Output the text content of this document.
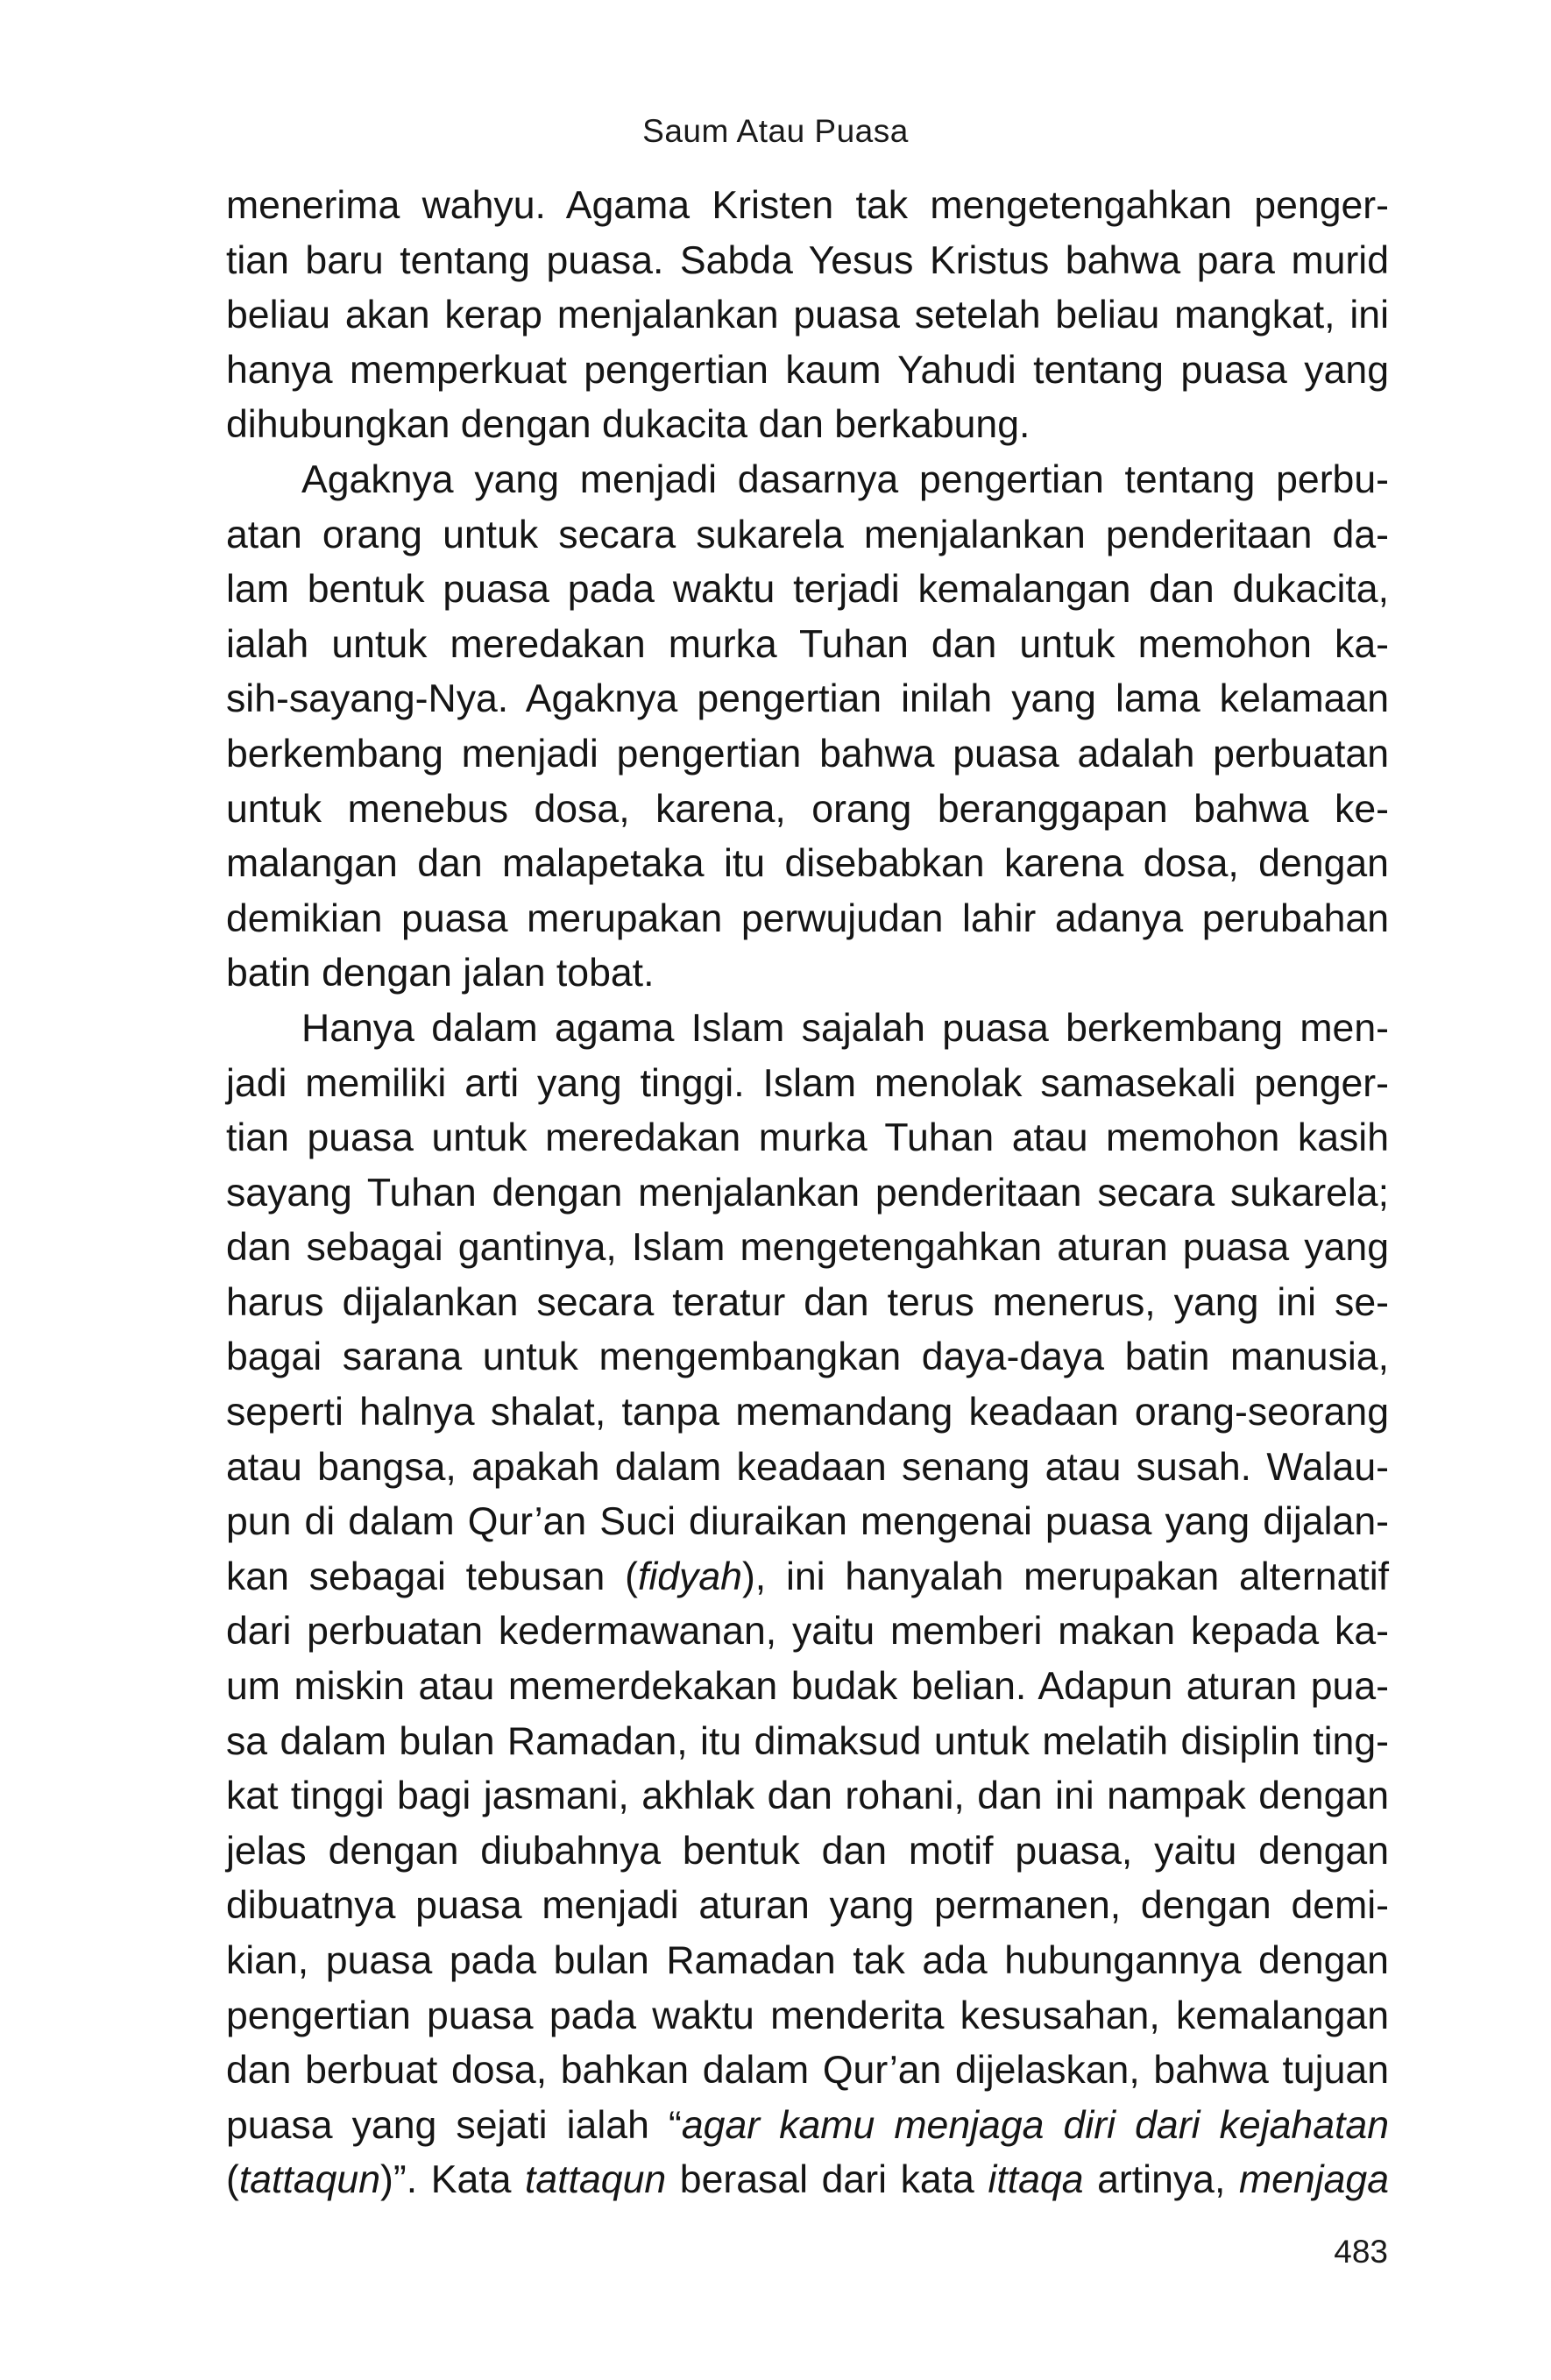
Saum Atau Puasa
menerima wahyu. Agama Kristen tak mengetengahkan penger-
tian baru tentang puasa. Sabda Yesus Kristus bahwa para murid
beliau akan kerap menjalankan puasa setelah beliau mangkat, ini
hanya memperkuat pengertian kaum Yahudi tentang puasa yang
dihubungkan dengan dukacita dan berkabung.
Agaknya yang menjadi dasarnya pengertian tentang perbu-
atan orang untuk secara sukarela menjalankan penderitaan da-
lam bentuk puasa pada waktu terjadi kemalangan dan dukacita,
ialah untuk meredakan murka Tuhan dan untuk memohon ka-
sih-sayang-Nya. Agaknya pengertian inilah yang lama kelamaan
berkembang menjadi pengertian bahwa puasa adalah perbuatan
untuk menebus dosa, karena, orang beranggapan bahwa ke-
malangan dan malapetaka itu disebabkan karena dosa, dengan
demikian puasa merupakan perwujudan lahir adanya perubahan
batin dengan jalan tobat.
Hanya dalam agama Islam sajalah puasa berkembang men-
jadi memiliki arti yang tinggi. Islam menolak samasekali penger-
tian puasa untuk meredakan murka Tuhan atau memohon kasih
sayang Tuhan dengan menjalankan penderitaan secara sukarela;
dan sebagai gantinya, Islam mengetengahkan aturan puasa yang
harus dijalankan secara teratur dan terus menerus, yang ini se-
bagai sarana untuk mengembangkan daya-daya batin manusia,
seperti halnya shalat, tanpa memandang keadaan orang-seorang
atau bangsa, apakah dalam keadaan senang atau susah. Walau-
pun di dalam Qur’an Suci diuraikan mengenai puasa yang dijalan-
kan sebagai tebusan (fidyah), ini hanyalah merupakan alternatif
dari perbuatan kedermawanan, yaitu memberi makan kepada ka-
um miskin atau memerdekakan budak belian. Adapun aturan pua-
sa dalam bulan Ramadan, itu dimaksud untuk melatih disiplin ting-
kat tinggi bagi jasmani, akhlak dan rohani, dan ini nampak dengan
jelas dengan diubahnya bentuk dan motif puasa, yaitu dengan
dibuatnya puasa menjadi aturan yang permanen, dengan demi-
kian, puasa pada bulan Ramadan tak ada hubungannya dengan
pengertian puasa pada waktu menderita kesusahan, kemalangan
dan berbuat dosa, bahkan dalam Qur’an dijelaskan, bahwa tujuan
puasa yang sejati ialah “agar kamu menjaga diri dari kejahatan
(tattaqun)”. Kata tattaqun berasal dari kata ittaqa artinya, menjaga
483
